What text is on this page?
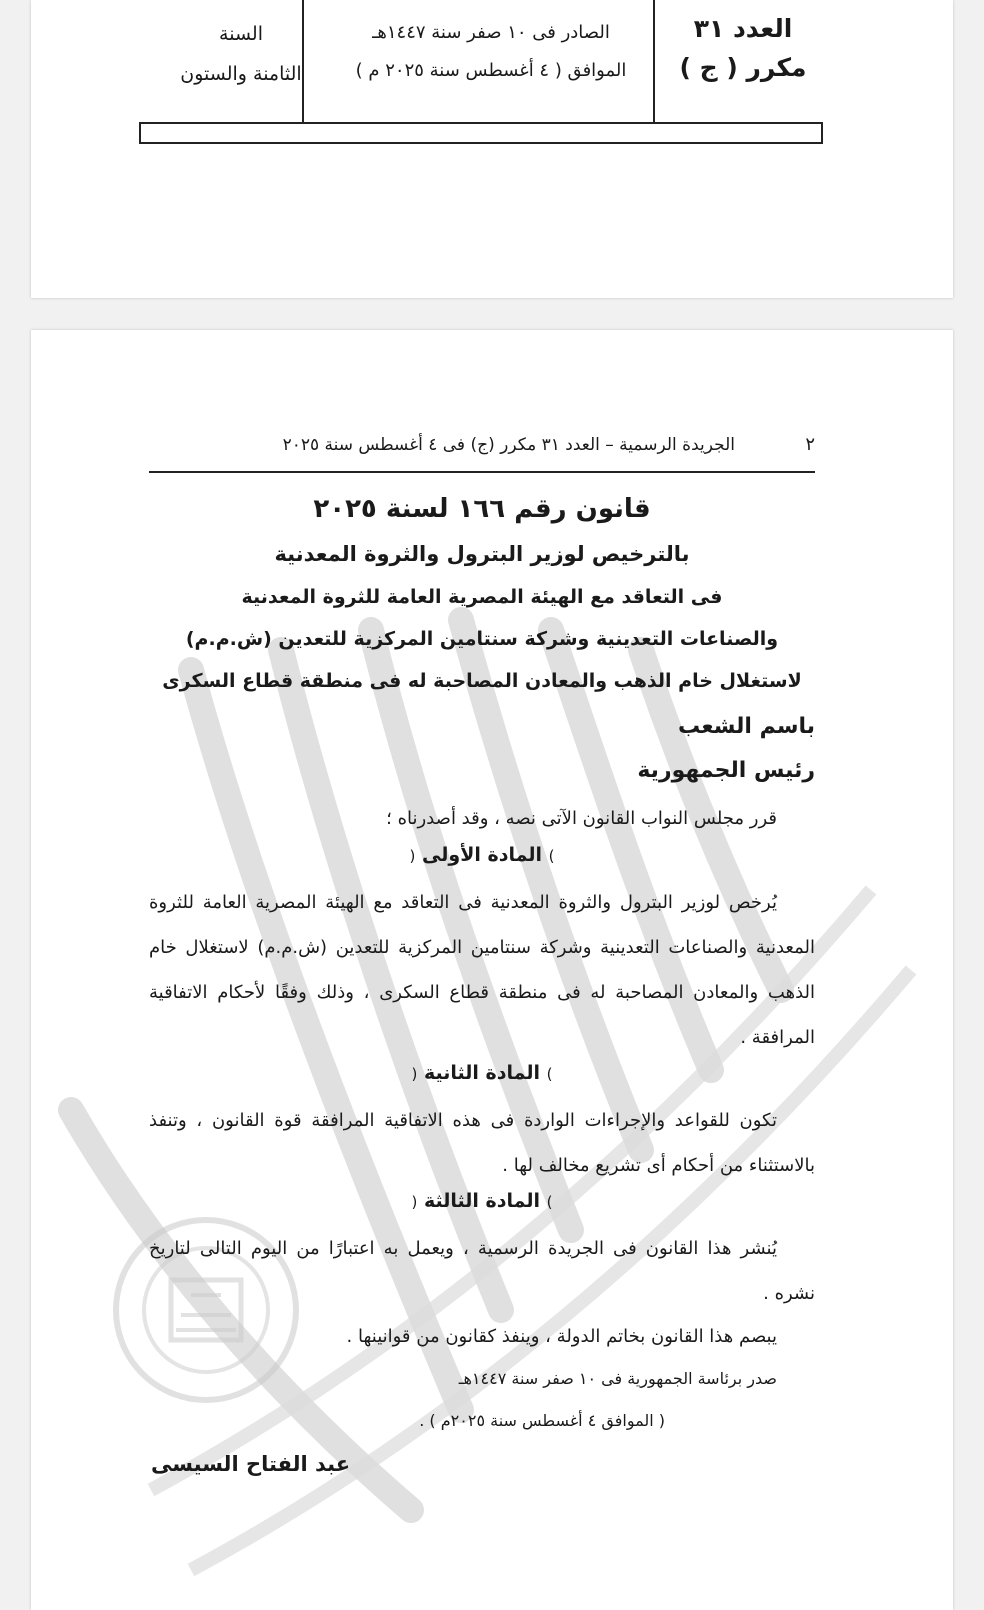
العدد ٣١
مكرر ( ج )
الصادر فى ١٠ صفر سنة ١٤٤٧هـ
الموافق ( ٤ أغسطس سنة ٢٠٢٥ م )
السنة
الثامنة والستون
٢
الجريدة الرسمية – العدد ٣١ مكرر (ج) فى ٤ أغسطس سنة ٢٠٢٥
قانون رقم ١٦٦ لسنة ٢٠٢٥
بالترخيص لوزير البترول والثروة المعدنية
فى التعاقد مع الهيئة المصرية العامة للثروة المعدنية
والصناعات التعدينية وشركة سنتامين المركزية للتعدين (ش.م.م)
لاستغلال خام الذهب والمعادن المصاحبة له فى منطقة قطاع السكرى
باسم الشعب
رئيس الجمهورية
قرر مجلس النواب القانون الآتى نصه ، وقد أصدرناه ؛
) المادة الأولى (
يُرخص لوزير البترول والثروة المعدنية فى التعاقد مع الهيئة المصرية العامة للثروة المعدنية والصناعات التعدينية وشركة سنتامين المركزية للتعدين (ش.م.م) لاستغلال خام الذهب والمعادن المصاحبة له فى منطقة قطاع السكرى ، وذلك وفقًا لأحكام الاتفاقية المرافقة .
) المادة الثانية (
تكون للقواعد والإجراءات الواردة فى هذه الاتفاقية المرافقة قوة القانون ، وتنفذ بالاستثناء من أحكام أى تشريع مخالف لها .
) المادة الثالثة (
يُنشر هذا القانون فى الجريدة الرسمية ، ويعمل به اعتبارًا من اليوم التالى لتاريخ نشره .
يبصم هذا القانون بخاتم الدولة ، وينفذ كقانون من قوانينها .
صدر برئاسة الجمهورية فى ١٠ صفر سنة ١٤٤٧هـ
( الموافق ٤ أغسطس سنة ٢٠٢٥م ) .
عبد الفتاح السيسى
